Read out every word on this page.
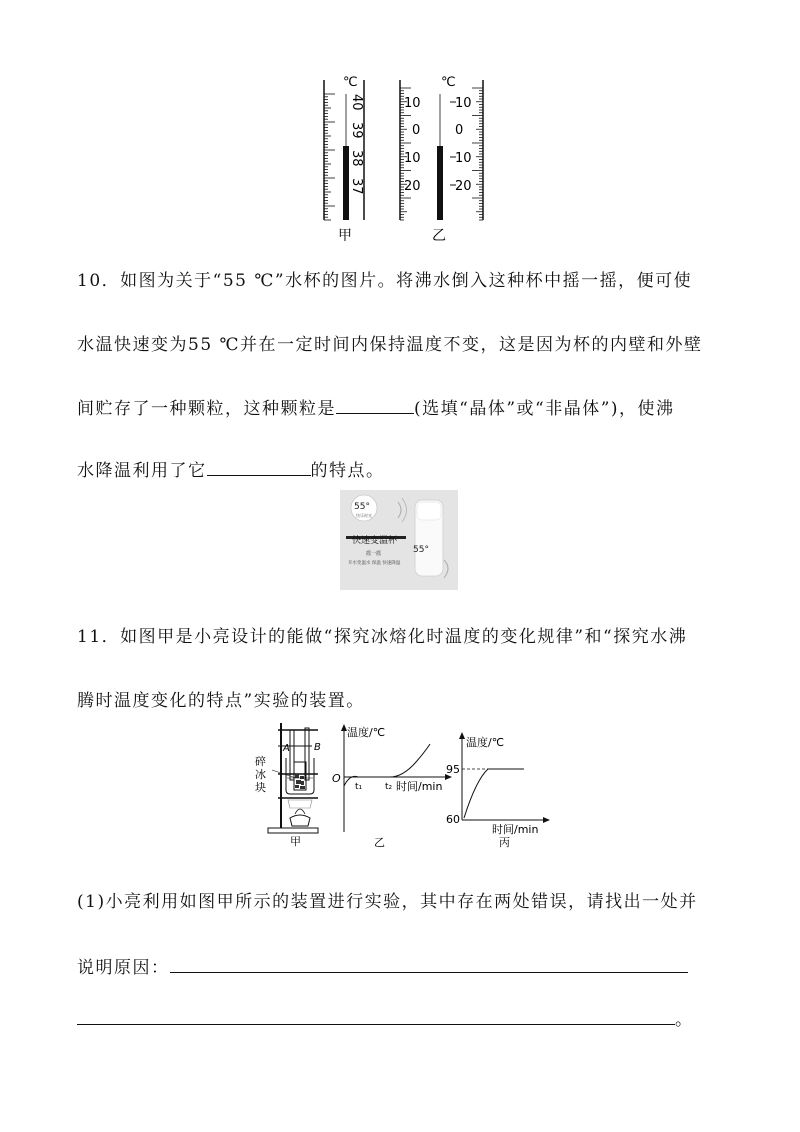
℃
40
39
38
37
甲
℃
10
0
10
20
10
0
10
20
乙
10．如图为关于“55 ℃”水杯的图片。将沸水倒入这种杯中摇一摇，便可使
水温快速变为55 ℃并在一定时间内保持温度不变，这是因为杯的内壁和外壁
间贮存了一种颗粒，这种颗粒是	(选填“晶体”或“非晶体”)，使沸
水降温利用了它	的特点。
55°
快乐时光
快速变温杯
摇一摇
开水变温水 保温 快速降温
55°
11．如图甲是小亮设计的能做“探究冰熔化时温度的变化规律”和“探究水沸
腾时温度变化的特点”实验的装置。
A B
碎
冰
块
甲
温度/℃
O
t₁	t₂ 时间/min
乙
温度/℃
95
60
时间/min
丙
(1)小亮利用如图甲所示的装置进行实验，其中存在两处错误，请找出一处并
说明原因：
。
